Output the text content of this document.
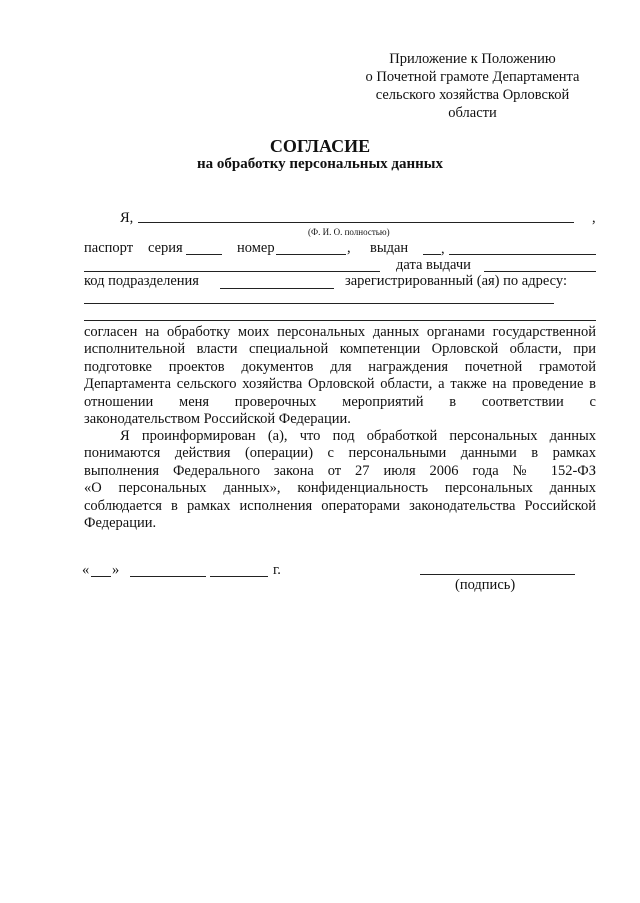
Приложение к Положению
о Почетной грамоте Департамента
сельского хозяйства Орловской
области
СОГЛАСИЕ
на обработку персональных данных
Я,	,
(Ф. И. О. полностью)
паспорт серия	номер	, выдан ,
дата выдачи
код подразделения	зарегистрированный (ая) по адресу:
согласен на обработку моих персональных данных органами государственной
исполнительной власти специальной компетенции Орловской области, при
подготовке проектов документов для награждения почетной грамотой
Департамента сельского хозяйства Орловской области, а также на проведение в
отношении меня проверочных мероприятий в соответствии с
законодательством Российской Федерации.
Я проинформирован (а), что под обработкой персональных данных
понимаются действия (операции) с персональными данными в рамках
выполнения Федерального закона от 27 июля 2006 года № 152-ФЗ
«О персональных данных», конфиденциальность персональных данных
соблюдается в рамках исполнения операторами законодательства Российской
Федерации.
« »	г.
(подпись)
